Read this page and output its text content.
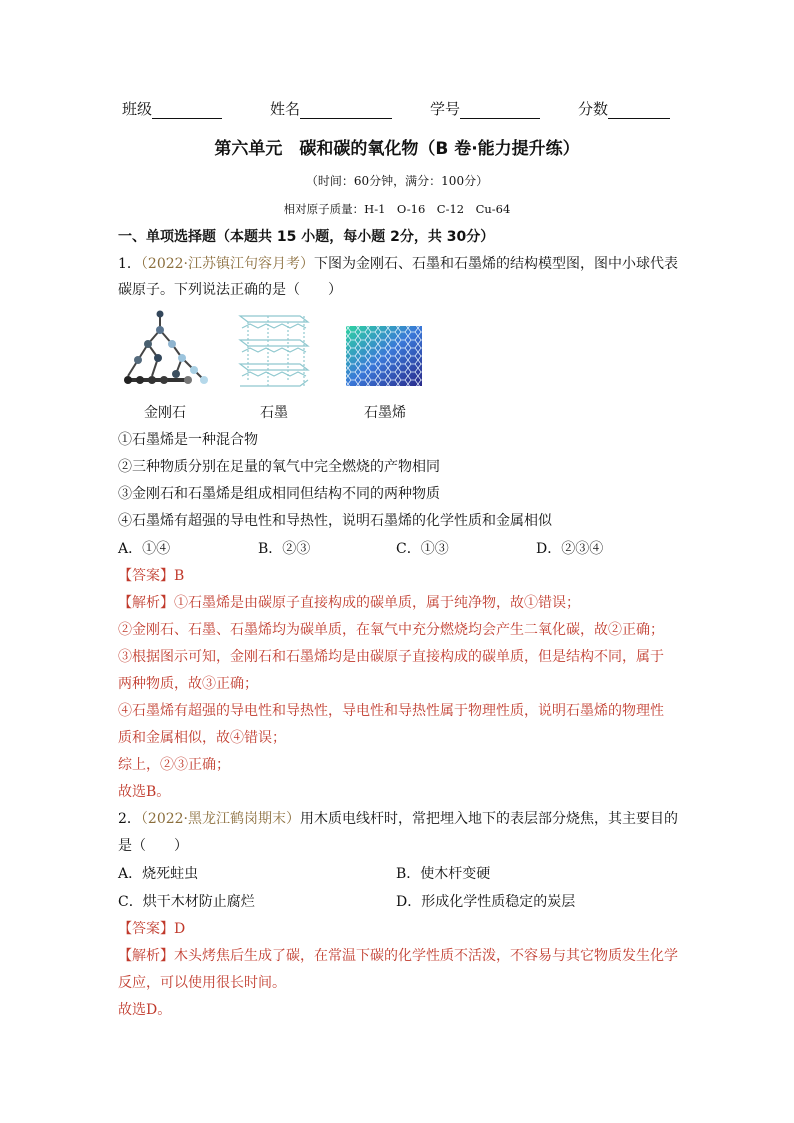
班级	姓名	学号	分数
第六单元　碳和碳的氧化物（B 卷·能力提升练）
（时间：60分钟，满分：100分）
相对原子质量：H-1　O-16　C-12　Cu-64
一、单项选择题（本题共 15 小题，每小题 2分，共 30分）
1．（2022·江苏镇江句容月考）下图为金刚石、石墨和石墨烯的结构模型图，图中小球代表
碳原子。下列说法正确的是（　　）
金刚石	石墨	石墨烯
①石墨烯是一种混合物
②三种物质分别在足量的氧气中完全燃烧的产物相同
③金刚石和石墨烯是组成相同但结构不同的两种物质
④石墨烯有超强的导电性和导热性，说明石墨烯的化学性质和金属相似
A．①④	B．②③	C．①③	D．②③④
【答案】B
【解析】①石墨烯是由碳原子直接构成的碳单质，属于纯净物，故①错误；
②金刚石、石墨、石墨烯均为碳单质，在氧气中充分燃烧均会产生二氧化碳，故②正确；
③根据图示可知，金刚石和石墨烯均是由碳原子直接构成的碳单质，但是结构不同，属于
两种物质，故③正确；
④石墨烯有超强的导电性和导热性，导电性和导热性属于物理性质，说明石墨烯的物理性
质和金属相似，故④错误；
综上，②③正确；
故选B。
2．（2022·黑龙江鹤岗期末）用木质电线杆时，常把埋入地下的表层部分烧焦，其主要目的
是（　　）
A．烧死蛀虫	B．使木杆变硬
C．烘干木材防止腐烂	D．形成化学性质稳定的炭层
【答案】D
【解析】木头烤焦后生成了碳，在常温下碳的化学性质不活泼，不容易与其它物质发生化学
反应，可以使用很长时间。
故选D。
